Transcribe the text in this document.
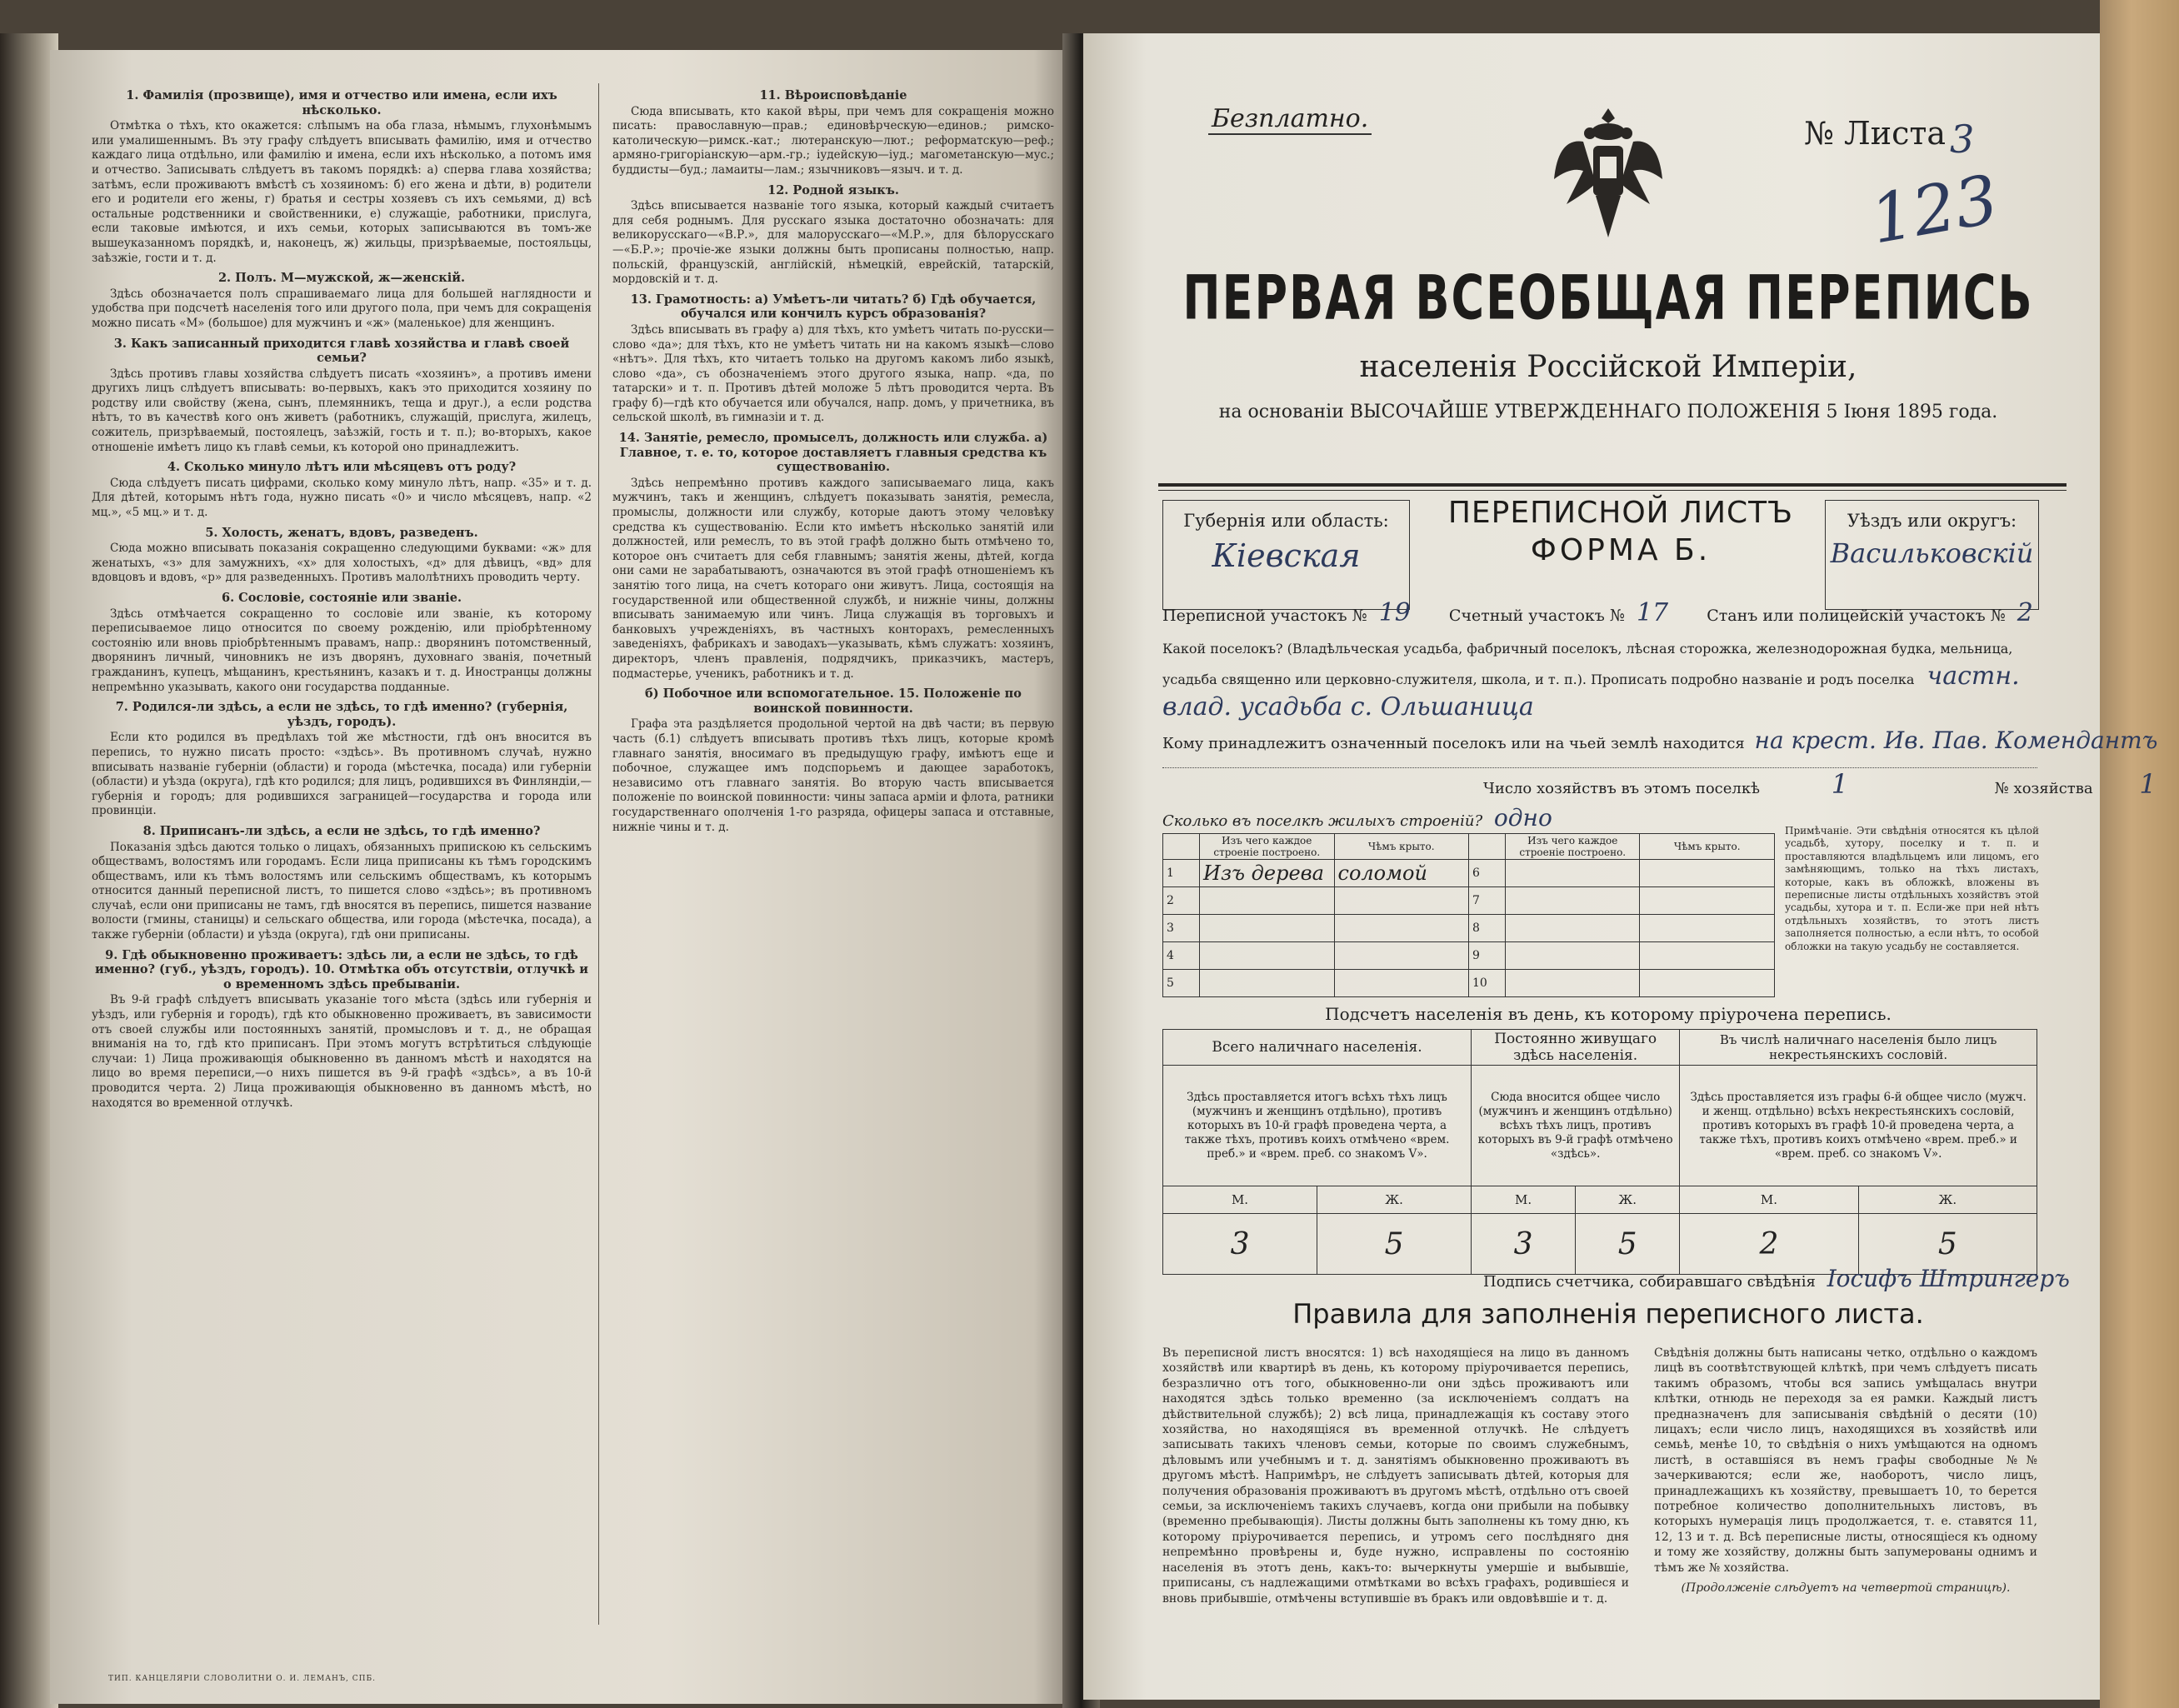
1. Фамилія (прозвище), имя и отчество или имена, если ихъ нѣсколько.

Отмѣтка о тѣхъ, кто окажется: слѣпымъ на оба глаза, нѣмымъ, глухонѣмымъ или умалишеннымъ. Въ эту графу слѣдуетъ вписывать фамилію, имя и отчество каждаго лица отдѣльно, или фамилію и имена, если ихъ нѣсколько, а потомъ имя и отчество. Записывать слѣдуетъ въ такомъ порядкѣ: а) сперва глава хозяйства; затѣмъ, если проживаютъ вмѣстѣ съ хозяиномъ: б) его жена и дѣти, в) родители его и родители его жены, г) братья и сестры хозяевъ съ ихъ семьями, д) всѣ остальные родственники и свойственники, е) служащіе, работники, прислуга, если таковые имѣются, и ихъ семьи, которых записываются въ томъ-же вышеуказанномъ порядкѣ, и, наконецъ, ж) жильцы, призрѣваемые, постояльцы, заѣзжіе, гости и т. д.

2. Полъ. М—мужской, ж—женскій.

Здѣсь обозначается полъ спрашиваемаго лица для большей наглядности и удобства при подсчетѣ населенія того или другого пола, при чемъ для сокращенія можно писать «М» (большое) для мужчинъ и «ж» (маленькое) для женщинъ.

3. Какъ записанный приходится главѣ хозяйства и главѣ своей семьи?

Здѣсь противъ главы хозяйства слѣдуетъ писать «хозяинъ», а противъ имени другихъ лицъ слѣдуетъ вписывать: во-первыхъ, какъ это приходится хозяину по родству или свойству (жена, сынъ, племянникъ, теща и друг.), а если родства нѣтъ, то въ качествѣ кого онъ живетъ (работникъ, служащій, прислуга, жилецъ, сожитель, призрѣваемый, постоялецъ, заѣзжій, гость и т. п.); во-вторыхъ, какое отношеніе имѣетъ лицо къ главѣ семьи, къ которой оно принадлежитъ.

4. Сколько минуло лѣтъ или мѣсяцевъ отъ роду?

Сюда слѣдуетъ писать цифрами, сколько кому минуло лѣтъ, напр. «35» и т. д. Для дѣтей, которымъ нѣтъ года, нужно писать «0» и число мѣсяцевъ, напр. «2 мц.», «5 мц.» и т. д.

5. Холость, женатъ, вдовъ, разведенъ.

Сюда можно вписывать показанія сокращенно следующими буквами: «ж» для женатыхъ, «з» для замужнихъ, «х» для холостыхъ, «д» для дѣвицъ, «вд» для вдовцовъ и вдовъ, «р» для разведенныхъ. Противъ малолѣтнихъ проводить черту.

6. Сословіе, состояніе или званіе.

Здѣсь отмѣчается сокращенно то сословіе или званіе, къ которому переписываемое лицо относится по своему рожденію, или пріобрѣтенному состоянію или вновь пріобрѣтеннымъ правамъ, напр.: дворянинъ потомственный, дворянинъ личный, чиновникъ не изъ дворянъ, духовнаго званія, почетный гражданинъ, купецъ, мѣщанинъ, крестьянинъ, казакъ и т. д. Иностранцы должны непремѣнно указывать, какого они государства подданные.

7. Родился-ли здѣсь, а если не здѣсь, то гдѣ именно? (губернія, уѣздъ, городъ).

Если кто родился въ предѣлахъ той же мѣстности, гдѣ онъ вносится въ перепись, то нужно писать просто: «здѣсь». Въ противномъ случаѣ, нужно вписывать названіе губерніи (области) и города (мѣстечка, посада) или губерніи (области) и уѣзда (округа), гдѣ кто родился; для лицъ, родившихся въ Финляндіи,—губернія и городъ; для родившихся заграницей—государства и города или провинціи.

8. Приписанъ-ли здѣсь, а если не здѣсь, то гдѣ именно?

Показанія здѣсь даются только о лицахъ, обязанныхъ припискою къ сельскимъ обществамъ, волостямъ или городамъ. Если лица приписаны къ тѣмъ городскимъ обществамъ, или къ тѣмъ волостямъ или сельскимъ обществамъ, къ которымъ относится данный переписной листъ, то пишется слово «здѣсь»; въ противномъ случаѣ, если они приписаны не тамъ, гдѣ вносятся въ перепись, пишется название волости (гмины, станицы) и сельскаго общества, или города (мѣстечка, посада), а также губерніи (области) и уѣзда (округа), гдѣ они приписаны.

9. Гдѣ обыкновенно проживаетъ: здѣсь ли, а если не здѣсь, то гдѣ именно? (губ., уѣздъ, городъ). 10. Отмѣтка объ отсутствіи, отлучкѣ и о временномъ здѣсь пребываніи.

Въ 9-й графѣ слѣдуетъ вписывать указаніе того мѣста (здѣсь или губернія и уѣздъ, или губернія и городъ), гдѣ кто обыкновенно проживаетъ, въ зависимости отъ своей службы или постоянныхъ занятій, промысловъ и т. д., не обращая вниманія на то, гдѣ кто приписанъ. При этомъ могутъ встрѣтиться слѣдующіе случаи: 1) Лица проживающія обыкновенно въ данномъ мѣстѣ и находятся на лицо во время переписи,—о нихъ пишется въ 9-й графѣ «здѣсь», а въ 10-й проводится черта. 2) Лица проживающія обыкновенно въ данномъ мѣстѣ, но находятся во временной отлучкѣ.

11. Вѣроисповѣданіе

Сюда вписывать, кто какой вѣры, при чемъ для сокращенія можно писать: православную—прав.; единовѣрческую—единов.; римско-католическую—римск.-кат.; лютеранскую—лют.; реформатскую—реф.; армяно-григоріанскую—арм.-гр.; іудейскую—іуд.; магометанскую—мус.; буддисты—буд.; ламаиты—лам.; язычниковъ—языч. и т. д.

12. Родной языкъ.

Здѣсь вписывается названіе того языка, который каждый считаетъ для себя роднымъ. Для русскаго языка достаточно обозначать: для великорусскаго—«В.Р.», для малорусскаго—«М.Р.», для бѣлорусскаго—«Б.Р.»; прочіе-же языки должны быть прописаны полностью, напр. польскій, французскій, англійскій, нѣмецкій, еврейскій, татарскій, мордовскій и т. д.

13. Грамотность: а) Умѣетъ-ли читать? б) Гдѣ обучается, обучался или кончилъ курсъ образованія?

Здѣсь вписывать въ графу а) для тѣхъ, кто умѣетъ читать по-русски—слово «да»; для тѣхъ, кто не умѣетъ читать ни на какомъ языкѣ—слово «нѣтъ». Для тѣхъ, кто читаетъ только на другомъ какомъ либо языкѣ, слово «да», съ обозначеніемъ этого другого языка, напр. «да, по татарски» и т. п. Противъ дѣтей моложе 5 лѣтъ проводится черта. Въ графу б)—гдѣ кто обучается или обучался, напр. домъ, у причетника, въ сельской школѣ, въ гимназіи и т. д.

14. Занятіе, ремесло, промыселъ, должность или служба. а) Главное, т. е. то, которое доставляетъ главныя средства къ существованію.

Здѣсь непремѣнно противъ каждого записываемаго лица, какъ мужчинъ, такъ и женщинъ, слѣдуетъ показывать занятія, ремесла, промыслы, должности или службу, которые даютъ этому человѣку средства къ существованію. Если кто имѣетъ нѣсколько занятій или должностей, или ремеслъ, то въ этой графѣ должно быть отмѣчено то, которое онъ считаетъ для себя главнымъ; занятія жены, дѣтей, когда они сами не зарабатываютъ, означаются въ этой графѣ отношеніемъ къ занятію того лица, на счетъ котораго они живутъ. Лица, состоящія на государственной или общественной службѣ, и нижніе чины, должны вписывать занимаемую или чинъ. Лица служащія въ торговыхъ и банковыхъ учрежденіяхъ, въ частныхъ конторахъ, ремесленныхъ заведеніяхъ, фабрикахъ и заводахъ—указывать, кѣмъ служатъ: хозяинъ, директоръ, членъ правленія, подрядчикъ, приказчикъ, мастеръ, подмастерье, ученикъ, работникъ и т. д.

б) Побочное или вспомогательное. 15. Положеніе по воинской повинности.

Графа эта раздѣляется продольной чертой на двѣ части; въ первую часть (б.1) слѣдуетъ вписывать противъ тѣхъ лицъ, которые кромѣ главнаго занятія, вносимаго въ предыдущую графу, имѣютъ еще и побочное, служащее имъ подспорьемъ и дающее заработокъ, независимо отъ главнаго занятія. Во вторую часть вписывается положеніе по воинской повинности: чины запаса арміи и флота, ратники государственнаго ополченія 1-го разряда, офицеры запаса и отставные, нижніе чины и т. д.

ТИП. КАНЦЕЛЯРІИ СЛОВОЛИТНИ О. И. ЛЕМАНЪ, СПБ.
Безплатно.	№ Листа 3
123
ПЕРВАЯ ВСЕОБЩАЯ ПЕРЕПИСЬ
населенія Россійской Имперіи,
на основаніи ВЫСОЧАЙШЕ УТВЕРЖДЕННАГО ПОЛОЖЕНІЯ 5 Іюня 1895 года.
Губернія или область:
Кіевская
ПЕРЕПИСНОЙ ЛИСТЪ
ФОРМА Б.
Уѣздъ или округъ:
Васильковскій
Переписной участокъ № 19 Счетный участокъ № 17 Станъ или полицейскій участокъ № 2
Какой поселокъ? (Владѣльческая усадьба, фабричный поселокъ, лѣсная сторожка, железнодорожная будка, мельница, усадьба священно или церковно-служителя, школа, и т. п.). Прописать подробно названіе и родъ поселка частн. влад. усадьба с. Ольшаница
Кому принадлежитъ означенный поселокъ или на чьей землѣ находится на крест. Ив. Пав. Комендантъ
Число хозяйствъ въ этомъ поселкѣ	1	№ хозяйства 1
Сколько въ поселкѣ жилыхъ строеній? одно
	Изъ чего каждое строеніе построено.	Чѣмъ крыто.		Изъ чего каждое строеніе построено.	Чѣмъ крыто.
1	Изъ дерева	соломой	6		
2			7		
3			8		
4			9		
5			10		
Примѣчаніе. Эти свѣдѣнія относятся къ цѣлой усадьбѣ, хутору, поселку и т. п. и проставляются владѣльцемъ или лицомъ, его замѣняющимъ, только на тѣхъ листахъ, которые, какъ въ обложкѣ, вложены въ переписные листы отдѣльныхъ хозяйствъ этой усадьбы, хутора и т. п. Если-же при ней нѣтъ отдѣльныхъ хозяйствъ, то этотъ листъ заполняется полностью, а если нѣтъ, то особой обложки на такую усадьбу не составляется.
Подсчетъ населенія въ день, къ которому пріурочена перепись.
Всего наличнаго населенія.		Постоянно живущаго здѣсь населенія.		Въ числѣ наличнаго населенія было лицъ некрестьянскихъ сословій.	
Здѣсь проставляется итогъ всѣхъ тѣхъ лицъ (мужчинъ и женщинъ отдѣльно), противъ которыхъ въ 10-й графѣ проведена черта, а также тѣхъ, противъ коихъ отмѣчено «врем. преб.» и «врем. преб. со знакомъ V».		Сюда вносится общее число (мужчинъ и женщинъ отдѣльно) всѣхъ тѣхъ лицъ, противъ которыхъ въ 9-й графѣ отмѣчено «здѣсь».		Здѣсь проставляется изъ графы 6-й общее число (мужч. и женщ. отдѣльно) всѣхъ некрестьянскихъ сословій, противъ которыхъ въ графѣ 10-й проведена черта, а также тѣхъ, противъ коихъ отмѣчено «врем. преб.» и «врем. преб. со знакомъ V».	
М.	Ж.	М.	Ж.	М.	Ж.
3	5	3	5	2	5
Подпись счетчика, собиравшаго свѣдѣнія Іосифъ Штрингеръ
Правила для заполненія переписного листа.
Въ переписной листъ вносятся: 1) всѣ находящіеся на лицо въ данномъ хозяйствѣ или квартирѣ въ день, къ которому пріурочивается перепись, безразлично отъ того, обыкновенно-ли они здѣсь проживаютъ или находятся здѣсь только временно (за исключеніемъ солдатъ на дѣйствительной службѣ); 2) всѣ лица, принадлежащія къ составу этого хозяйства, но находящіяся въ временной отлучкѣ. Не слѣдуетъ записывать такихъ членовъ семьи, которые по своимъ служебнымъ, дѣловымъ или учебнымъ и т. д. занятіямъ обыкновенно проживаютъ въ другомъ мѣстѣ. Напримѣръ, не слѣдуетъ записывать дѣтей, которыя для получения образованія проживаютъ въ другомъ мѣстѣ, отдѣльно отъ своей семьи, за исключеніемъ такихъ случаевъ, когда они прибыли на побывку (временно пребывающія). Листы должны быть заполнены къ тому дню, къ которому пріурочивается перепись, и утромъ сего послѣдняго дня непремѣнно провѣрены и, буде нужно, исправлены по состоянію населенія въ этотъ день, какъ-то: вычеркнуты умершіе и выбывшіе, приписаны, съ надлежащими отмѣтками во всѣхъ графахъ, родившіеся и вновь прибывшіе, отмѣчены вступившіе въ бракъ или овдовѣвшіе и т. д.
Свѣдѣнія должны быть написаны четко, отдѣльно о каждомъ лицѣ въ соотвѣтствующей клѣткѣ, при чемъ слѣдуетъ писать такимъ образомъ, чтобы вся запись умѣщалась внутри клѣтки, отнюдь не переходя за ея рамки. Каждый листъ предназначенъ для записыванія свѣдѣній о десяти (10) лицахъ; если число лицъ, находящихся въ хозяйствѣ или семьѣ, менѣе 10, то свѣдѣнія о нихъ умѣщаются на одномъ листѣ, в оставшіяся въ немъ графы свободные №№ зачеркиваются; если же, наоборотъ, число лицъ, принадлежащихъ къ хозяйству, превышаетъ 10, то берется потребное количество дополнительныхъ листовъ, въ которыхъ нумерація лицъ продолжается, т. е. ставятся 11, 12, 13 и т. д. Всѣ переписные листы, относящіеся къ одному и тому же хозяйству, должны быть запумерованы однимъ и тѣмъ же № хозяйства.
(Продолженіе слѣдуетъ на четвертой страницѣ).
